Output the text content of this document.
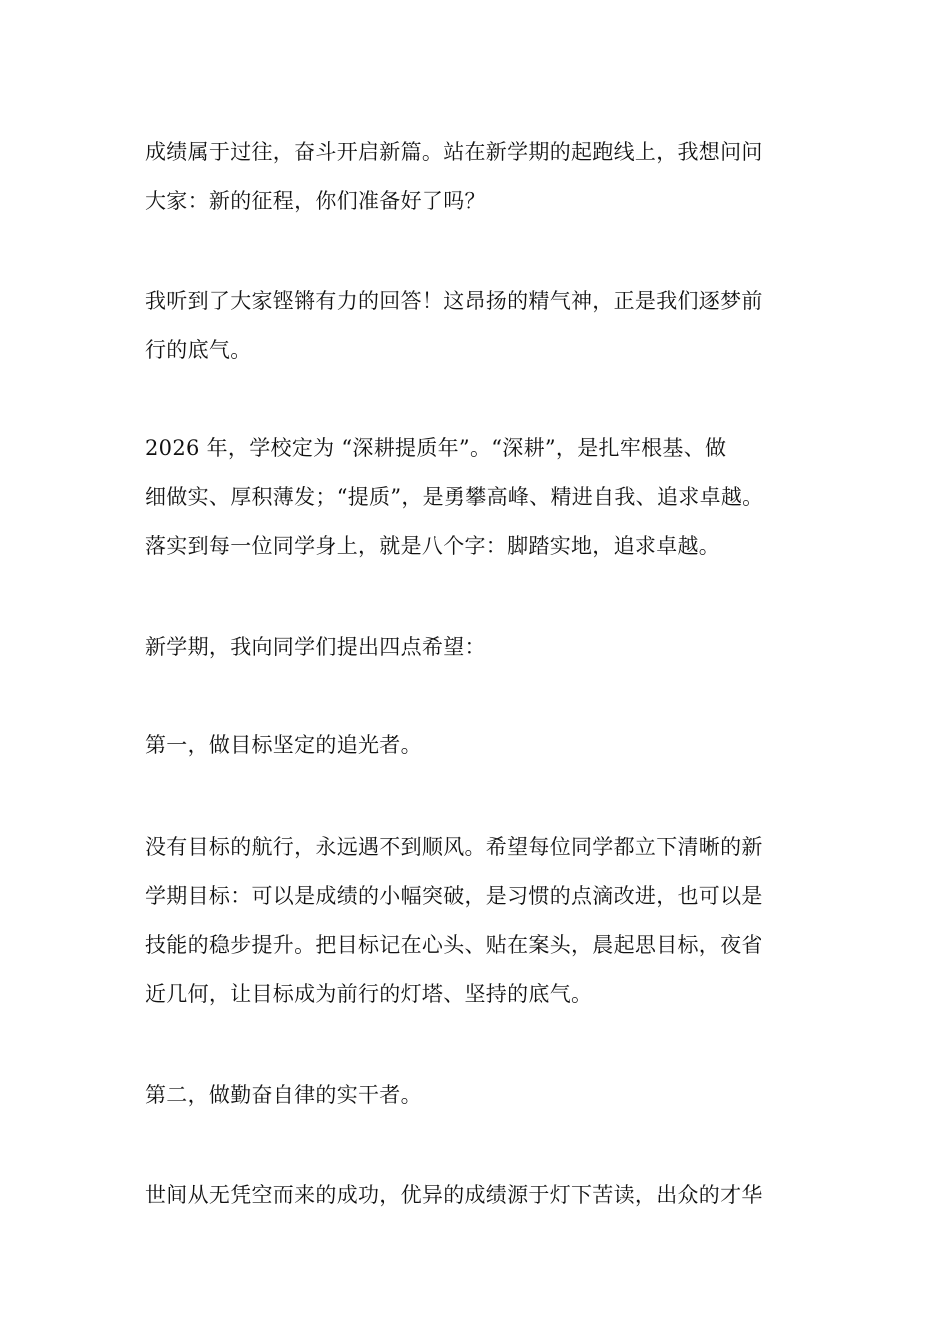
成绩属于过往，奋斗开启新篇。站在新学期的起跑线上，我想问问
大家：新的征程，你们准备好了吗？

我听到了大家铿锵有力的回答！这昂扬的精气神，正是我们逐梦前
行的底气。

2026 年，学校定为 “深耕提质年”。“深耕”，是扎牢根基、做
细做实、厚积薄发；“提质”，是勇攀高峰、精进自我、追求卓越。
落实到每一位同学身上，就是八个字：脚踏实地，追求卓越。

新学期，我向同学们提出四点希望：

第一，做目标坚定的追光者。

没有目标的航行，永远遇不到顺风。希望每位同学都立下清晰的新
学期目标：可以是成绩的小幅突破，是习惯的点滴改进，也可以是
技能的稳步提升。把目标记在心头、贴在案头，晨起思目标，夜省
近几何，让目标成为前行的灯塔、坚持的底气。

第二，做勤奋自律的实干者。

世间从无凭空而来的成功，优异的成绩源于灯下苦读，出众的才华
